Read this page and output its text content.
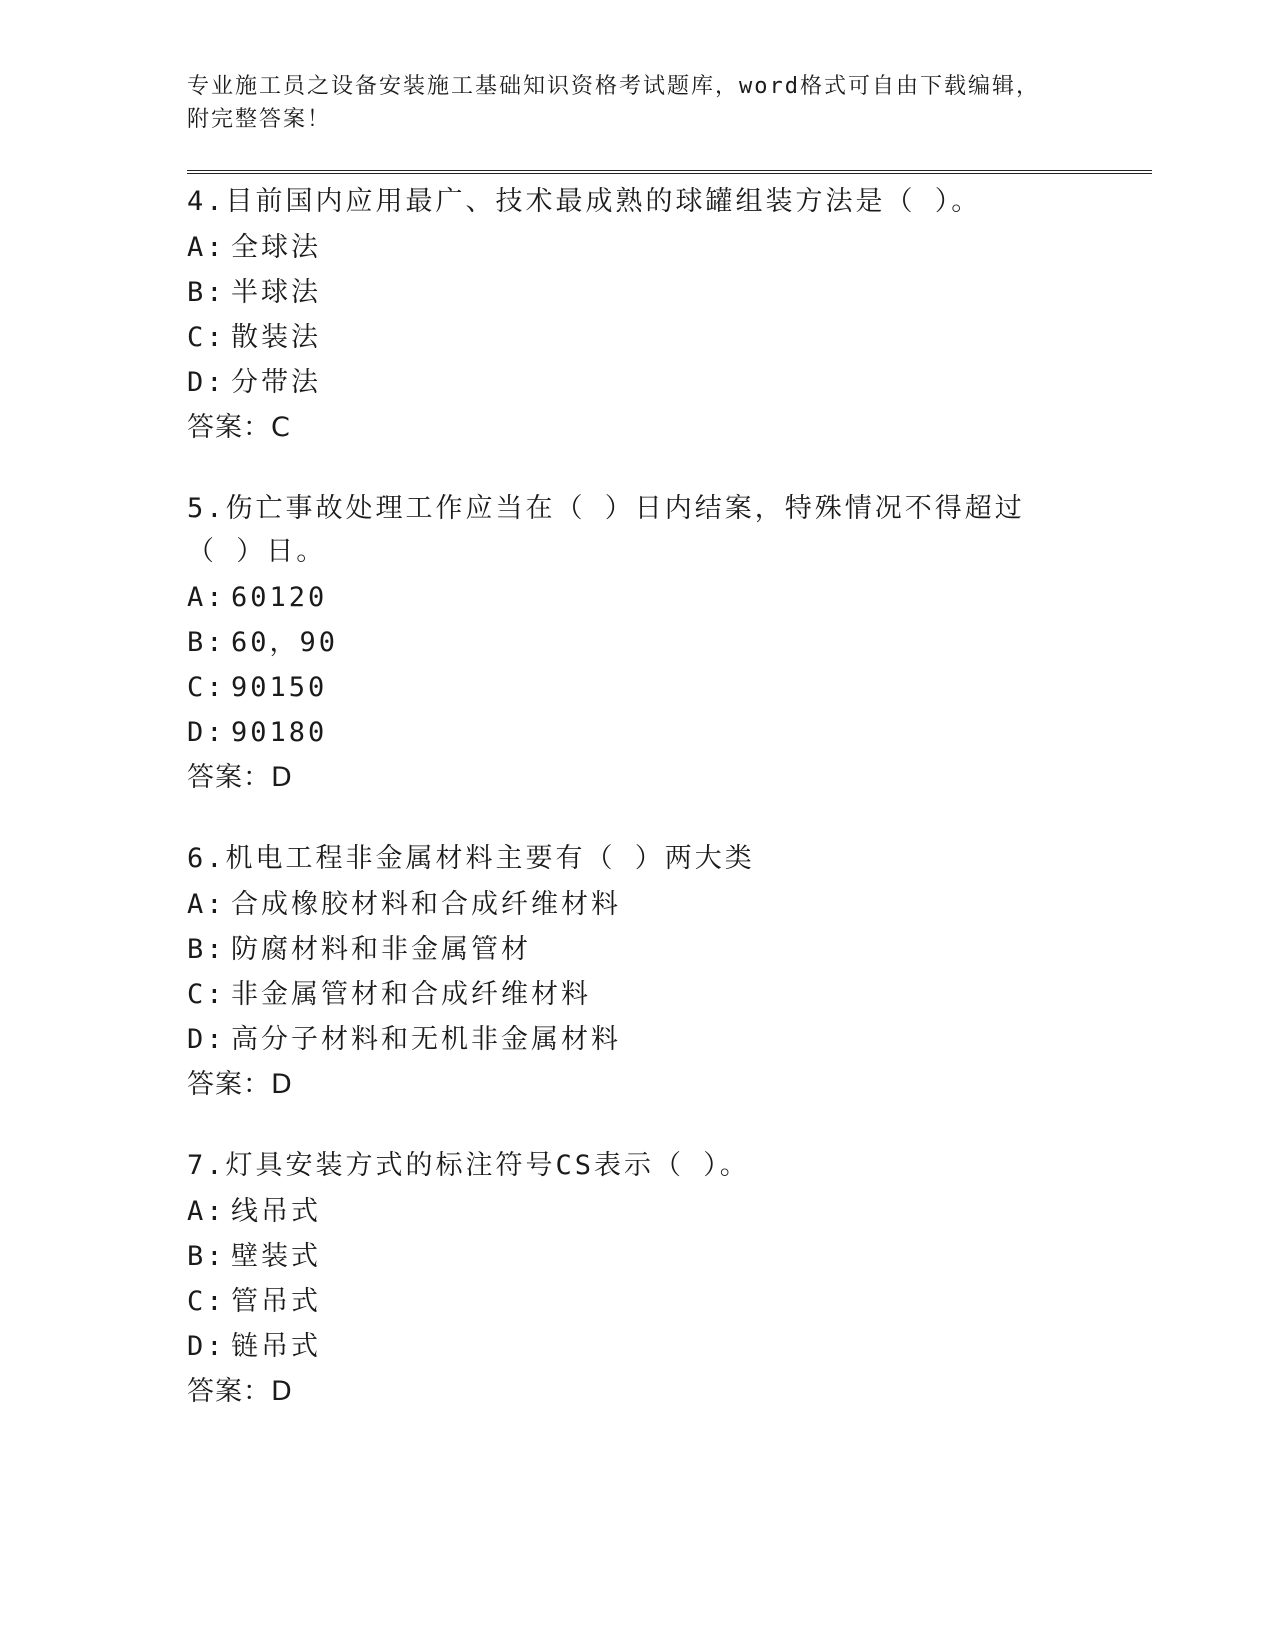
专业施工员之设备安装施工基础知识资格考试题库，word格式可自由下载编辑，
附完整答案！

4.目前国内应用最广、技术最成熟的球罐组装方法是（ ）。

A: 全球法

B: 半球法

C: 散装法

D: 分带法

答案：C

5.伤亡事故处理工作应当在（ ）日内结案，特殊情况不得超过（ ）日。

A: 60120

B: 60，90

C: 90150

D: 90180

答案：D

6.机电工程非金属材料主要有（ ）两大类

A: 合成橡胶材料和合成纤维材料

B: 防腐材料和非金属管材

C: 非金属管材和合成纤维材料

D: 高分子材料和无机非金属材料

答案：D

7.灯具安装方式的标注符号CS表示（ ）。

A: 线吊式

B: 壁装式

C: 管吊式

D: 链吊式

答案：D
